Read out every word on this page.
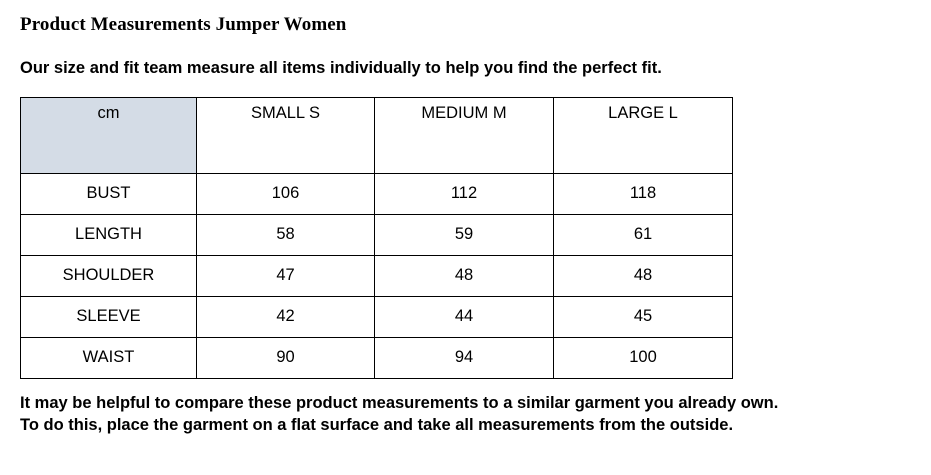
Product Measurements Jumper Women
Our size and fit team measure all items individually to help you find the perfect fit.
cm	SMALL S	MEDIUM M	LARGE L
BUST	106	112	118
LENGTH	58	59	61
SHOULDER	47	48	48
SLEEVE	42	44	45
WAIST	90	94	100
It may be helpful to compare these product measurements to a similar garment you already own.
To do this, place the garment on a flat surface and take all measurements from the outside.
